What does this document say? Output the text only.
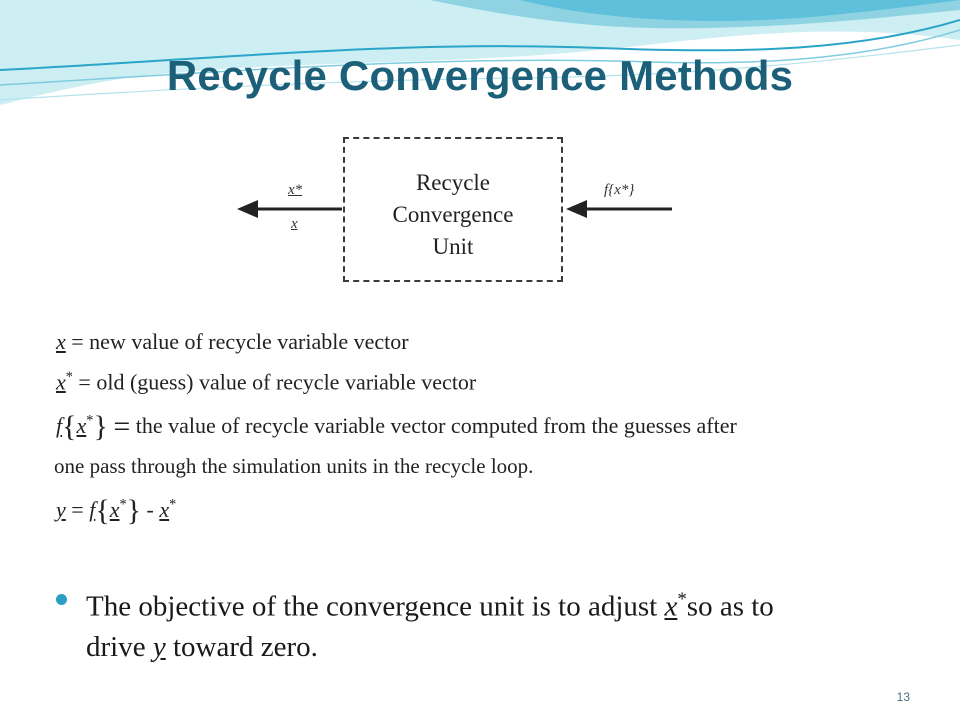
Recycle Convergence Methods
Recycle
Convergence
Unit
x*
x
f{x*}
x = new value of recycle variable vector
x* = old (guess) value of recycle variable vector
f{x*} = the value of recycle variable vector computed from the guesses after
one pass through the simulation units in the recycle loop.
y = f{x*} - x*
The objective of the convergence unit is to adjust x*so as to
drive y toward zero.
13
